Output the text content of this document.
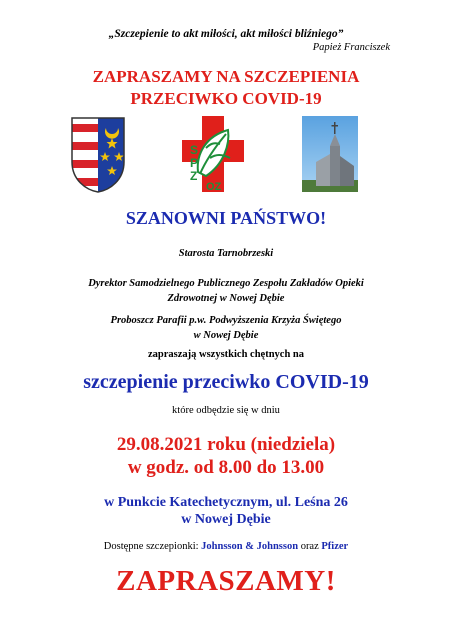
„Szczepienie to akt miłości, akt miłości bliźniego”
Papież Franciszek
ZAPRASZAMY NA SZCZEPIENIA
PRZECIWKO COVID-19
S
P
Z
OZ
SZANOWNI PAŃSTWO!
Starosta Tarnobrzeski
Dyrektor Samodzielnego Publicznego Zespołu Zakładów Opieki
Zdrowotnej w Nowej Dębie
Proboszcz Parafii p.w. Podwyższenia Krzyża Świętego
w Nowej Dębie
zapraszają wszystkich chętnych na
szczepienie przeciwko COVID-19
które odbędzie się w dniu
29.08.2021 roku (niedziela)
w godz. od 8.00 do 13.00
w Punkcie Katechetycznym, ul. Leśna 26
w Nowej Dębie
Dostępne szczepionki: Johnsson & Johnsson oraz Pfizer
ZAPRASZAMY!
